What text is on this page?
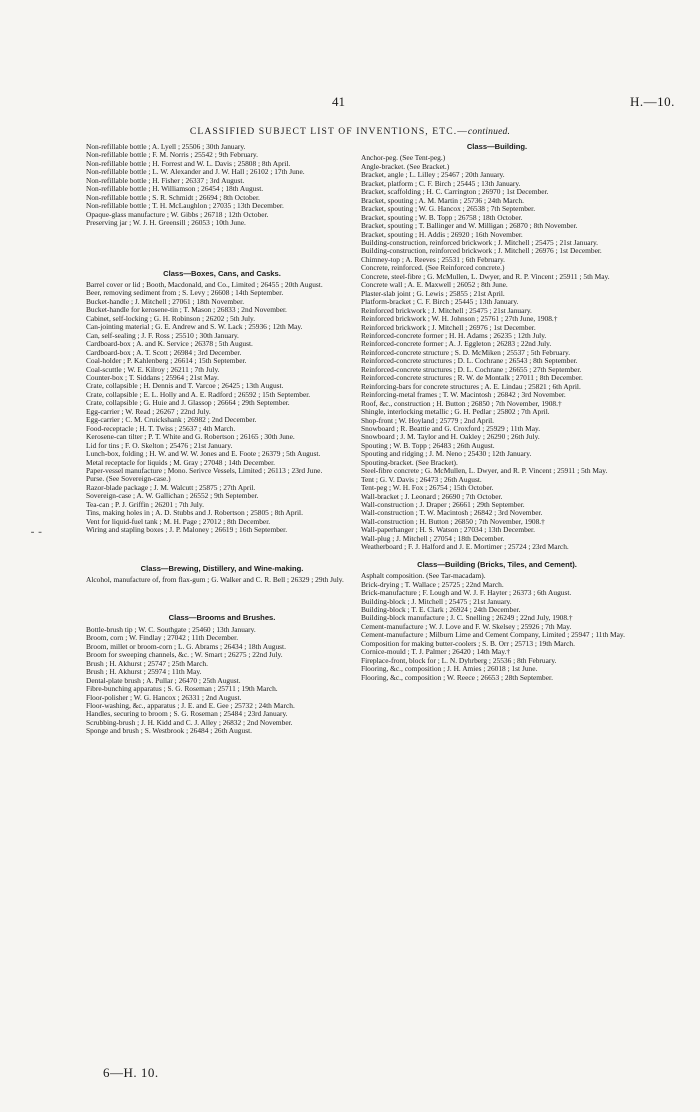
41	H.—10.
CLASSIFIED SUBJECT LIST OF INVENTIONS, ETC.—continued.
⁃ ⁃
Non-refillable bottle ; A. Lyell ; 25506 ; 30th January.
Non-refillable bottle ; F. M. Norris ; 25542 ; 9th February.
Non-refillable bottle ; H. Forrest and W. L. Davis ; 25808 ; 8th April.
Non-refillable bottle ; L. W. Alexander and J. W. Hall ; 26102 ; 17th June.
Non-refillable bottle ; H. Fisher ; 26337 ; 3rd August.
Non-refillable bottle ; H. Williamson ; 26454 ; 18th August.
Non-refillable bottle ; S. R. Schmidt ; 26694 ; 8th October.
Non-refillable bottle ; T. H. McLaughlon ; 27035 ; 13th December.
Opaque-glass manufacture ; W. Gibbs ; 26718 ; 12th October.
Preserving jar ; W. J. H. Greensill ; 26053 ; 10th June.
Class—Boxes, Cans, and Casks.
Barrel cover or lid ; Booth, Macdonald, and Co., Limited ; 26455 ; 20th August.
Beer, removing sediment from ; S. Levy ; 26608 ; 14th September.
Bucket-handle ; J. Mitchell ; 27061 ; 18th November.
Bucket-handle for kerosene-tin ; T. Mason ; 26833 ; 2nd November.
Cabinet, self-locking ; G. H. Robinson ; 26202 ; 5th July.
Can-jointing material ; G. E. Andrew and S. W. Lack ; 25936 ; 12th May.
Can, self-sealing ; J. F. Ross ; 25510 ; 30th January.
Cardboard-box ; A. and K. Service ; 26378 ; 5th August.
Cardboard-box ; A. T. Scott ; 26984 ; 3rd December.
Coal-holder ; P. Kahlenberg ; 26614 ; 15th September.
Coal-scuttle ; W. E. Kilroy ; 26211 ; 7th July.
Counter-box ; T. Siddans ; 25964 ; 21st May.
Crate, collapsible ; H. Dennis and T. Varcoe ; 26425 ; 13th August.
Crate, collapsible ; E. L. Holly and A. E. Radford ; 26592 ; 15th September.
Crate, collapsible ; G. Huie and J. Glassop ; 26664 ; 29th September.
Egg-carrier ; W. Read ; 26267 ; 22nd July.
Egg-carrier ; C. M. Cruickshank ; 26982 ; 2nd December.
Food-receptacle ; H. T. Twiss ; 25637 ; 4th March.
Kerosene-can tilter ; P. T. White and G. Robertson ; 26165 ; 30th June.
Lid for tins ; F. O. Skelton ; 25476 ; 21st January.
Lunch-box, folding ; H. W. and W. W. Jones and E. Foote ; 26379 ; 5th August.
Metal receptacle for liquids ; M. Gray ; 27048 ; 14th December.
Paper-vessel manufacture ; Mono. Serivce Vessels, Limited ; 26113 ; 23rd June.
Purse. (See Sovereign-case.)
Razor-blade package ; J. M. Walcutt ; 25875 ; 27th April.
Sovereign-case ; A. W. Gallichan ; 26552 ; 9th September.
Tea-can ; P. J. Griffin ; 26201 ; 7th July.
Tins, making holes in ; A. D. Stubbs and J. Robertson ; 25805 ; 8th April.
Vent for liquid-fuel tank ; M. H. Page ; 27012 ; 8th December.
Wiring and stapling boxes ; J. P. Maloney ; 26619 ; 16th September.
Class—Brewing, Distillery, and Wine-making.
Alcohol, manufacture of, from flax-gum ; G. Walker and C. R. Bell ; 26329 ; 29th July.
Class—Brooms and Brushes.
Bottle-brush tip ; W. C. Southgate ; 25460 ; 13th January.
Broom, corn ; W. Findlay ; 27042 ; 11th December.
Broom, millet or broom-corn ; L. G. Abrams ; 26434 ; 18th August.
Broom for sweeping channels, &c. ; W. Smart ; 26275 ; 22nd July.
Brush ; H. Akhurst ; 25747 ; 25th March.
Brush ; H. Akhurst ; 25974 ; 11th May.
Dental-plate brush ; A. Pullar ; 26470 ; 25th August.
Fibre-bunching apparatus ; S. G. Roseman ; 25711 ; 19th March.
Floor-polisher ; W. G. Hancox ; 26331 ; 2nd August.
Floor-washing, &c., apparatus ; J. E. and E. Gee ; 25732 ; 24th March.
Handles, securing to broom ; S. G. Roseman ; 25484 ; 23rd January.
Scrubbing-brush ; J. H. Kidd and C. J. Alley ; 26832 ; 2nd November.
Sponge and brush ; S. Westbrook ; 26484 ; 26th August.
Class—Building.
Anchor-peg. (See Tent-peg.)
Angle-bracket. (See Bracket.)
Bracket, angle ; L. Lilley ; 25467 ; 20th January.
Bracket, platform ; C. F. Birch ; 25445 ; 13th January.
Bracket, scaffolding ; H. C. Carrington ; 26970 ; 1st December.
Bracket, spouting ; A. M. Martin ; 25736 ; 24th March.
Bracket, spouting ; W. G. Hancox ; 26538 ; 7th September.
Bracket, spouting ; W. B. Topp ; 26758 ; 18th October.
Bracket, spouting ; T. Ballinger and W. Milligan ; 26870 ; 8th November.
Bracket, spouting ; H. Addis ; 26920 ; 16th November.
Building-construction, reinforced brickwork ; J. Mitchell ; 25475 ; 21st January.
Building-construction, reinforced brickwork ; J. Mitchell ; 26976 ; 1st December.
Chimney-top ; A. Reeves ; 25531 ; 6th February.
Concrete, reinforced. (See Reinforced concrete.)
Concrete, steel-fibre ; G. McMullen, L. Dwyer, and R. P. Vincent ; 25911 ; 5th May.
Concrete wall ; A. E. Maxwell ; 26052 ; 8th June.
Plaster-slab joint ; G. Lewis ; 25855 ; 21st April.
Platform-bracket ; C. F. Birch ; 25445 ; 13th January.
Reinforced brickwork ; J. Mitchell ; 25475 ; 21st January.
Reinforced brickwork ; W. H. Johnson ; 25761 ; 27th June, 1908.†
Reinforced brickwork ; J. Mitchell ; 26976 ; 1st December.
Reinforced-concrete former ; H. H. Adams ; 26235 ; 12th July.
Reinforced-concrete former ; A. J. Eggleton ; 26283 ; 22nd July.
Reinforced-concrete structure ; S. D. McMiken ; 25537 ; 5th February.
Reinforced-concrete structures ; D. L. Cochrane ; 26543 ; 8th September.
Reinforced-concrete structures ; D. L. Cochrane ; 26655 ; 27th September.
Reinforced-concrete structures ; R. W. de Montalk ; 27011 ; 8th December.
Reinforcing-bars for concrete structures ; A. E. Lindau ; 25821 ; 6th April.
Reinforcing-metal frames ; T. W. Macintosh ; 26842 ; 3rd November.
Roof, &c., construction ; H. Button ; 26850 ; 7th November, 1908.†
Shingle, interlocking metallic ; G. H. Pedlar ; 25802 ; 7th April.
Shop-front ; W. Hoyland ; 25779 ; 2nd April.
Snowboard ; R. Beattie and G. Croxford ; 25929 ; 11th May.
Snowboard ; J. M. Taylor and H. Oakley ; 26290 ; 26th July.
Spouting ; W. B. Topp ; 26483 ; 26th August.
Spouting and ridging ; J. M. Neno ; 25430 ; 12th January.
Spouting-bracket. (See Bracket).
Steel-fibre concrete ; G. McMullen, L. Dwyer, and R. P. Vincent ; 25911 ; 5th May.
Tent ; G. V. Davis ; 26473 ; 26th August.
Tent-peg ; W. H. Fox ; 26754 ; 15th October.
Wall-bracket ; J. Leonard ; 26690 ; 7th October.
Wall-construction ; J. Draper ; 26661 ; 29th September.
Wall-construction ; T. W. Macintosh ; 26842 ; 3rd November.
Wall-construction ; H. Button ; 26850 ; 7th November, 1908.†
Wall-paperhanger ; H. S. Watson ; 27034 ; 13th December.
Wall-plug ; J. Mitchell ; 27054 ; 18th December.
Weatherboard ; F. J. Halford and J. E. Mortimer ; 25724 ; 23rd March.
Class—Building (Bricks, Tiles, and Cement).
Asphalt composition. (See Tar-macadam).
Brick-drying ; T. Wallace ; 25725 ; 22nd March.
Brick-manufacture ; F. Lough and W. J. F. Hayter ; 26373 ; 6th August.
Building-block ; J. Mitchell ; 25475 ; 21st January.
Building-block ; T. E. Clark ; 26924 ; 24th December.
Building-block manufacture ; J. C. Snelling ; 26249 ; 22nd July, 1908.†
Cement-manufacture ; W. J. Love and F. W. Skelsey ; 25926 ; 7th May.
Cement-manufacture ; Milburn Lime and Cement Company, Limited ; 25947 ; 11th May.
Composition for making butter-coolers ; S. B. Orr ; 25713 ; 19th March.
Cornice-mould ; T. J. Palmer ; 26420 ; 14th May.†
Fireplace-front, block for ; L. N. Dyhrberg ; 25536 ; 8th February.
Flooring, &c., composition ; J. H. Amies ; 26018 ; 1st June.
Flooring, &c., composition ; W. Reece ; 26653 ; 28th September.
6—H. 10.
